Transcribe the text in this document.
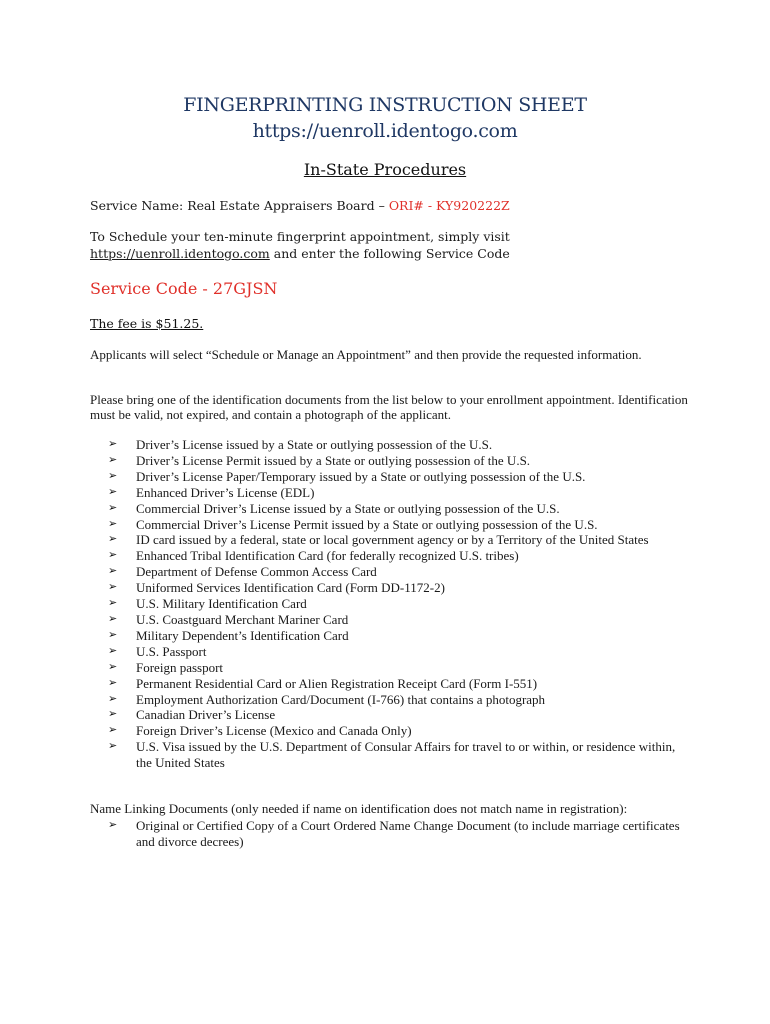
FINGERPRINTING INSTRUCTION SHEET
https://uenroll.identogo.com
In-State Procedures
Service Name: Real Estate Appraisers Board – ORI# - KY920222Z
To Schedule your ten-minute fingerprint appointment, simply visit
https://uenroll.identogo.com and enter the following Service Code
Service Code - 27GJSN
The fee is $51.25.
Applicants will select “Schedule or Manage an Appointment” and then provide the requested information.
Please bring one of the identification documents from the list below to your enrollment appointment. Identification must be valid, not expired, and contain a photograph of the applicant.
➢	Driver’s License issued by a State or outlying possession of the U.S.
➢	Driver’s License Permit issued by a State or outlying possession of the U.S.
➢	Driver’s License Paper/Temporary issued by a State or outlying possession of the U.S.
➢	Enhanced Driver’s License (EDL)
➢	Commercial Driver’s License issued by a State or outlying possession of the U.S.
➢	Commercial Driver’s License Permit issued by a State or outlying possession of the U.S.
➢	ID card issued by a federal, state or local government agency or by a Territory of the United States
➢	Enhanced Tribal Identification Card (for federally recognized U.S. tribes)
➢	Department of Defense Common Access Card
➢	Uniformed Services Identification Card (Form DD-1172-2)
➢	U.S. Military Identification Card
➢	U.S. Coastguard Merchant Mariner Card
➢	Military Dependent’s Identification Card
➢	U.S. Passport
➢	Foreign passport
➢	Permanent Residential Card or Alien Registration Receipt Card (Form I-551)
➢	Employment Authorization Card/Document (I-766) that contains a photograph
➢	Canadian Driver’s License
➢	Foreign Driver’s License (Mexico and Canada Only)
➢	U.S. Visa issued by the U.S. Department of Consular Affairs for travel to or within, or residence within, the United States
Name Linking Documents (only needed if name on identification does not match name in registration):
➢	Original or Certified Copy of a Court Ordered Name Change Document (to include marriage certificates and divorce decrees)
